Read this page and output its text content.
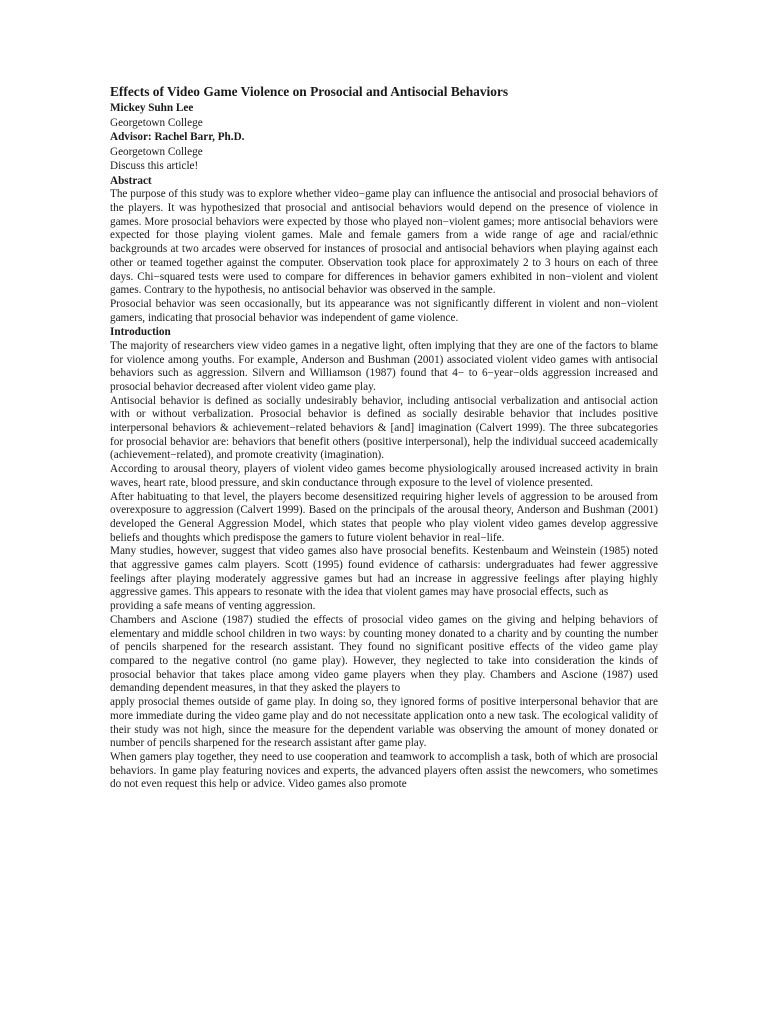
Effects of Video Game Violence on Prosocial and Antisocial Behaviors
Mickey Suhn Lee
Georgetown College
Advisor: Rachel Barr, Ph.D.
Georgetown College
Discuss this article!
Abstract

The purpose of this study was to explore whether video−game play can influence the antisocial and prosocial behaviors of the players. It was hypothesized that prosocial and antisocial behaviors would depend on the presence of violence in games. More prosocial behaviors were expected by those who played non−violent games; more antisocial behaviors were expected for those playing violent games. Male and female gamers from a wide range of age and racial/ethnic backgrounds at two arcades were observed for instances of prosocial and antisocial behaviors when playing against each other or teamed together against the computer. Observation took place for approximately 2 to 3 hours on each of three days. Chi−squared tests were used to compare for differences in behavior gamers exhibited in non−violent and violent games. Contrary to the hypothesis, no antisocial behavior was observed in the sample.

Prosocial behavior was seen occasionally, but its appearance was not significantly different in violent and non−violent gamers, indicating that prosocial behavior was independent of game violence.

Introduction

The majority of researchers view video games in a negative light, often implying that they are one of the factors to blame for violence among youths. For example, Anderson and Bushman (2001) associated violent video games with antisocial behaviors such as aggression. Silvern and Williamson (1987) found that 4− to 6−year−olds aggression increased and prosocial behavior decreased after violent video game play.

Antisocial behavior is defined as socially undesirably behavior, including antisocial verbalization and antisocial action with or without verbalization. Prosocial behavior is defined as socially desirable behavior that includes positive interpersonal behaviors & achievement−related behaviors & [and] imagination (Calvert 1999). The three subcategories for prosocial behavior are: behaviors that benefit others (positive interpersonal), help the individual succeed academically (achievement−related), and promote creativity (imagination).

According to arousal theory, players of violent video games become physiologically aroused increased activity in brain waves, heart rate, blood pressure, and skin conductance through exposure to the level of violence presented.

After habituating to that level, the players become desensitized requiring higher levels of aggression to be aroused from overexposure to aggression (Calvert 1999). Based on the principals of the arousal theory, Anderson and Bushman (2001) developed the General Aggression Model, which states that people who play violent video games develop aggressive beliefs and thoughts which predispose the gamers to future violent behavior in real−life.

Many studies, however, suggest that video games also have prosocial benefits. Kestenbaum and Weinstein (1985) noted that aggressive games calm players. Scott (1995) found evidence of catharsis: undergraduates had fewer aggressive feelings after playing moderately aggressive games but had an increase in aggressive feelings after playing highly aggressive games. This appears to resonate with the idea that violent games may have prosocial effects, such as

providing a safe means of venting aggression.

Chambers and Ascione (1987) studied the effects of prosocial video games on the giving and helping behaviors of elementary and middle school children in two ways: by counting money donated to a charity and by counting the number of pencils sharpened for the research assistant. They found no significant positive effects of the video game play compared to the negative control (no game play). However, they neglected to take into consideration the kinds of prosocial behavior that takes place among video game players when they play. Chambers and Ascione (1987) used demanding dependent measures, in that they asked the players to

apply prosocial themes outside of game play. In doing so, they ignored forms of positive interpersonal behavior that are more immediate during the video game play and do not necessitate application onto a new task. The ecological validity of their study was not high, since the measure for the dependent variable was observing the amount of money donated or number of pencils sharpened for the research assistant after game play.

When gamers play together, they need to use cooperation and teamwork to accomplish a task, both of which are prosocial behaviors. In game play featuring novices and experts, the advanced players often assist the newcomers, who sometimes do not even request this help or advice. Video games also promote
